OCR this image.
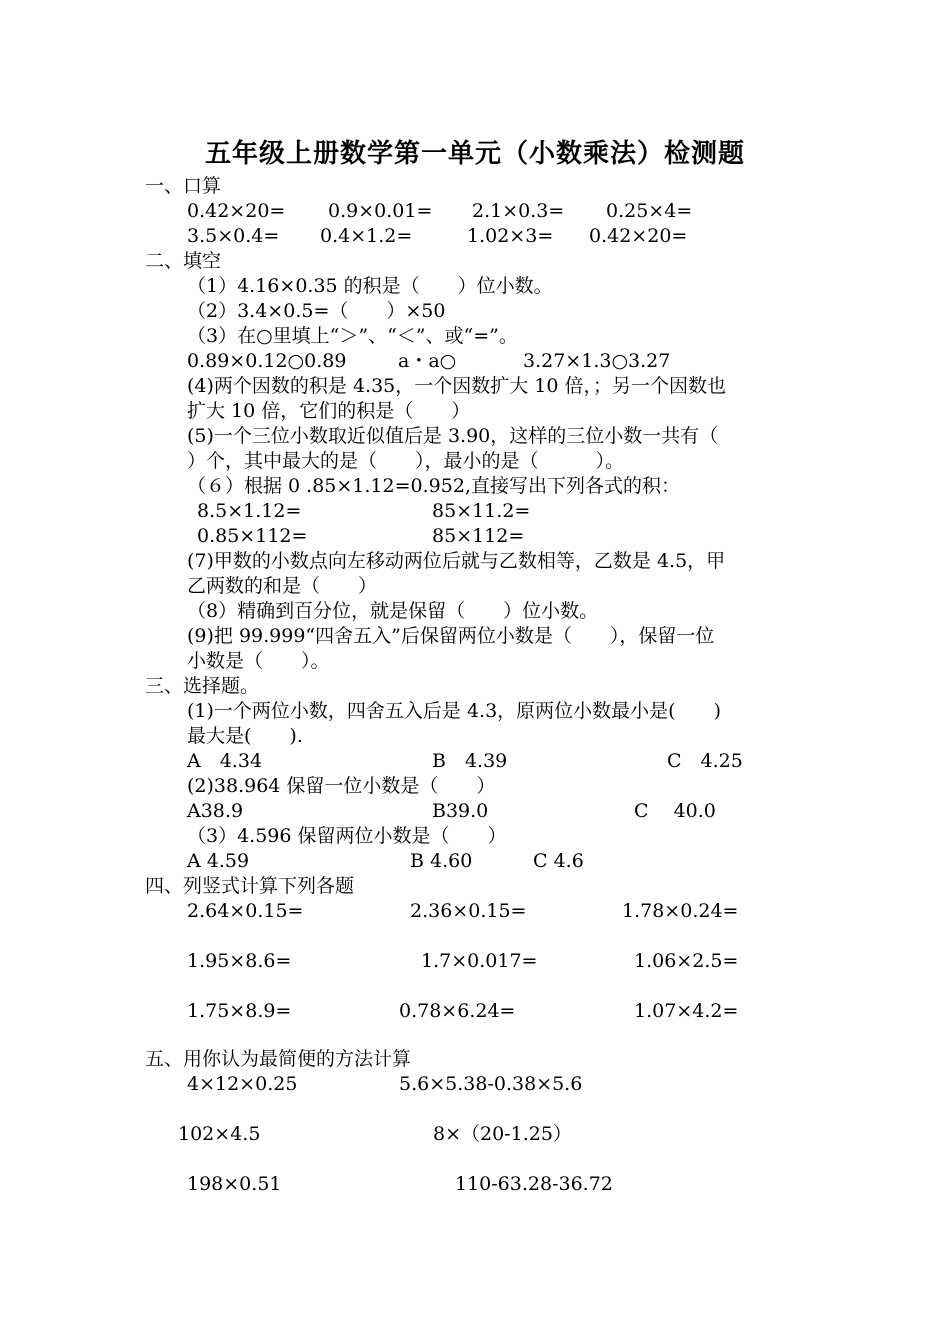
五年级上册数学第一单元（小数乘法）检测题
一、口算
0.42×20= 0.9×0.01= 2.1×0.3= 0.25×4=
3.5×0.4= 0.4×1.2=	1.02×3= 0.42×20=
二、填空
（1）4.16×0.35 的积是（　　）位小数。
（2）3.4×0.5=（　　）×50
（3）在○里填上“＞”、“＜”、或“=”。
0.89×0.12○0.89	a・a○	3.27×1.3○3.27
(4)两个因数的积是 4.35，一个因数扩大 10 倍，；另一个因数也
扩大 10 倍，它们的积是（　　）
(5)一个三位小数取近似值后是 3.90，这样的三位小数一共有（
）个，其中最大的是（　　），最小的是（　　　）。
（６）根据 0 .85×1.12=0.952,直接写出下列各式的积：
8.5×1.12=	85×11.2=
0.85×112=	85×112=
(7)甲数的小数点向左移动两位后就与乙数相等，乙数是 4.5，甲
乙两数的和是（　　）
（8）精确到百分位，就是保留（　　）位小数。
(9)把 99.999“四舍五入”后保留两位小数是（　　），保留一位
小数是（　　）。
三、选择题。
(1)一个两位小数，四舍五入后是 4.3，原两位小数最小是(　　)
最大是(　　).
A　4.34	B　4.39	C　4.25
(2)38.964 保留一位小数是（　　）
A38.9	B39.0	C　 40.0
（3）4.596 保留两位小数是（　　）
A 4.59	B 4.60	C 4.6
四、列竖式计算下列各题
2.64×0.15=	2.36×0.15=	1.78×0.24=
1.95×8.6=	1.7×0.017=	1.06×2.5=
1.75×8.9=	0.78×6.24=	1.07×4.2=
五、用你认为最简便的方法计算
4×12×0.25	5.6×5.38-0.38×5.6
102×4.5	8×（20-1.25）
198×0.51	110-63.28-36.72
